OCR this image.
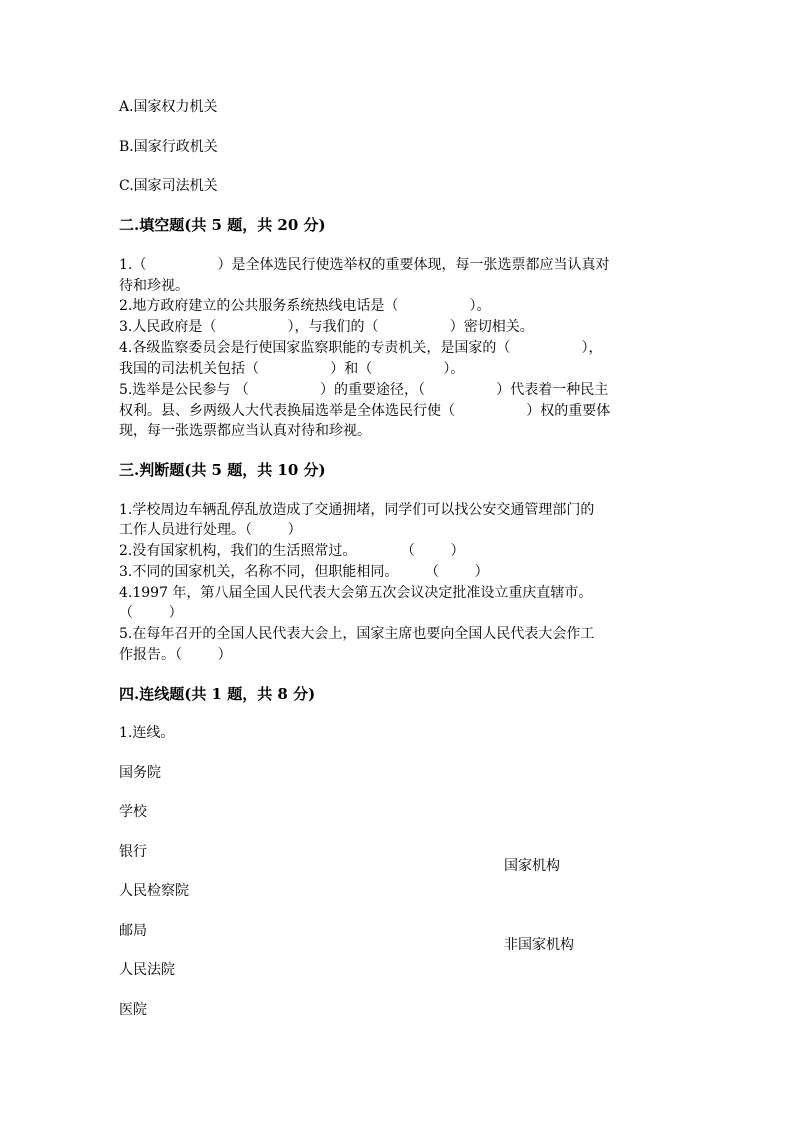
A.国家权力机关

B.国家行政机关

C.国家司法机关

二.填空题(共 5 题，共 20 分)

1.（                ）是全体选民行使选举权的重要体现，每一张选票都应当认真对

待和珍视。

2.地方政府建立的公共服务系统热线电话是（                ）。

3.人民政府是（                ），与我们的（                ）密切相关。

4.各级监察委员会是行使国家监察职能的专责机关，是国家的（                ），

我国的司法机关包括（                ）和（                ）。

5.选举是公民参与 （                ）的重要途径，（                ）代表着一种民主

权利。县、乡两级人大代表换届选举是全体选民行使（                ）权的重要体

现，每一张选票都应当认真对待和珍视。

三.判断题(共 5 题，共 10 分)

1.学校周边车辆乱停乱放造成了交通拥堵，同学们可以找公安交通管理部门的

工作人员进行处理。（        ）

2.没有国家机构，我们的生活照常过。          （        ）

3.不同的国家机关，名称不同，但职能相同。      （        ）

4.1997 年，第八届全国人民代表大会第五次会议决定批准设立重庆直辖市。

（        ）

5.在每年召开的全国人民代表大会上，国家主席也要向全国人民代表大会作工

作报告。（        ）

四.连线题(共 1 题，共 8 分)

1.连线。

国务院

学校

银行

人民检察院

邮局

人民法院

医院

国家机构

非国家机构
